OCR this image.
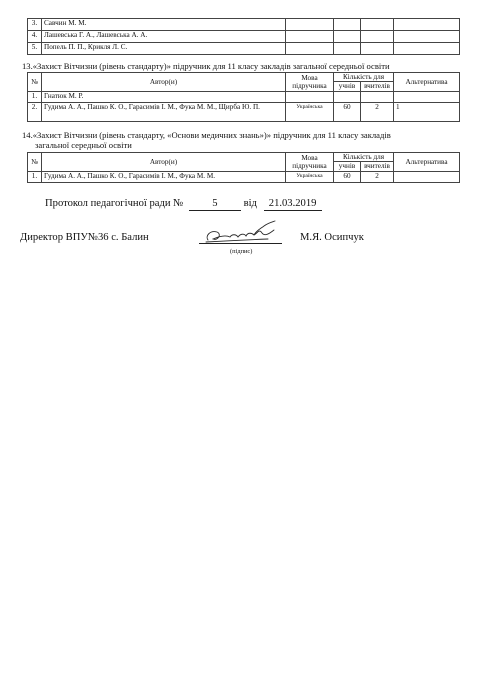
3.	Савчин М. М.				
4.	Лашевська Г. А., Лашевська А. А.				
5.	Попель П. П., Крикля Л. С.				
13.«Захист Вітчизни (рівень стандарту)» підручник для 11 класу закладів загальної середньої освіти
№	Автор(и)	Мова підручника	Кількість для		Альтернатива
			учнів	вчителів	
1.	Гнатюк М. Р.				
2.	Гудима А. А., Пашко К. О., Гарасимів І. М., Фука М. М., Щирба Ю. П.	Українська	60	2	1
14.«Захист Вітчизни (рівень стандарту, «Основи медичних знань»)» підручник для 11 класу закладів
загальної середньої освіти
№	Автор(и)	Мова підручника	Кількість для		Альтернатива
			учнів	вчителів	
1.	Гудима А. А., Пашко К. О., Гарасимів І. М., Фука М. М.	Українська	60	2	
Протокол педагогічної ради №	5 від 21.03.2019
Директор ВПУ№36 с. Балин	М.Я. Осипчук
(підпис)
